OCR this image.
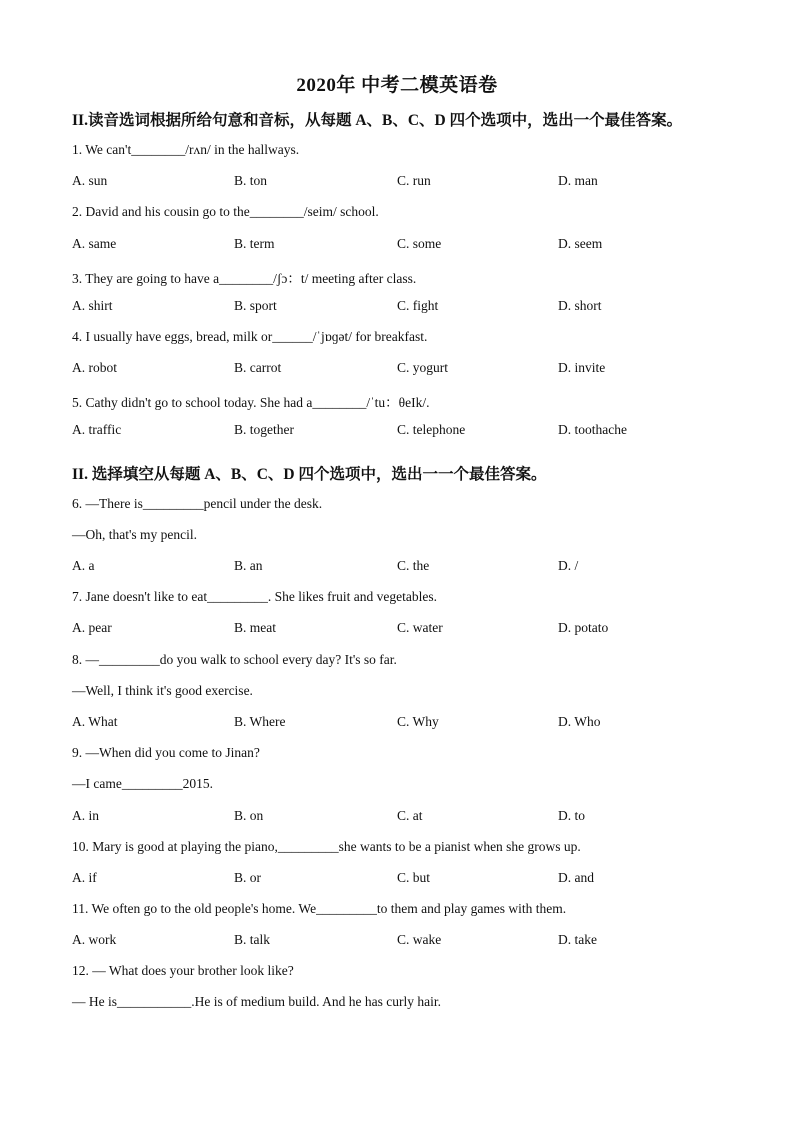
2020年 中考二模英语卷
II.读音选词根据所给句意和音标，从每题 A、B、C、D 四个选项中，选出一个最佳答案。
1. We can't________/rʌn/ in the hallways.
A. sun	B. ton	C. run	D. man
2. David and his cousin go to the________/seim/ school.
A. same	B. term	C. some	D. seem
3. They are going to have a________/ʃɔ：t/ meeting after class.
A. shirt	B. sport	C. fight	D. short
4. I usually have eggs, bread, milk or______/ˈjɒɡət/ for breakfast.
A. robot	B. carrot	C. yogurt	D. invite
5. Cathy didn't go to school today. She had a________/ˈtu：θeIk/.
A. traffic	B. together	C. telephone	D. toothache
II. 选择填空从每题 A、B、C、D 四个选项中，选出一一个最佳答案。
6. —There is_________pencil under the desk.
—Oh, that's my pencil.
A. a	B. an	C. the	D. /
7. Jane doesn't like to eat_________. She likes fruit and vegetables.
A. pear	B. meat	C. water	D. potato
8. —_________do you walk to school every day? It's so far.
—Well, I think it's good exercise.
A. What	B. Where	C. Why	D. Who
9. —When did you come to Jinan?
—I came_________2015.
A. in	B. on	C. at	D. to
10. Mary is good at playing the piano,_________she wants to be a pianist when she grows up.
A. if	B. or	C. but	D. and
11. We often go to the old people's home. We_________to them and play games with them.
A. work	B. talk	C. wake	D. take
12. — What does your brother look like?
— He is___________.He is of medium build. And he has curly hair.
